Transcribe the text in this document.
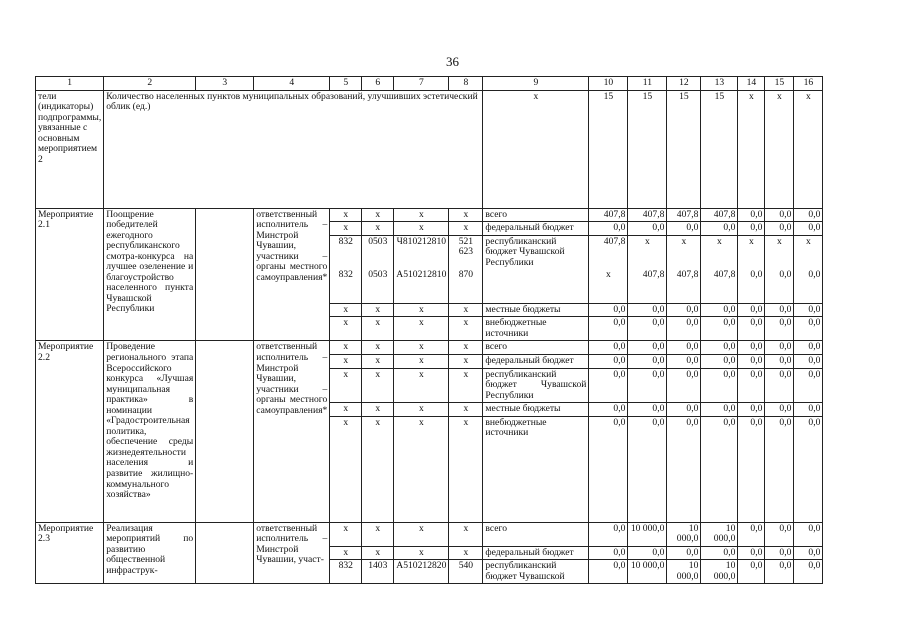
36
1	2	3	4	5	6	7	8	9	10	11	12	13	14	15	16
тели (индикаторы) подпрограммы, увязанные с основным мероприятием 2	Количество населенных пунктов муниципальных образований, улучшивших эстетический облик (ед.)							x	15	15	15	15	x	x	x
Мероприятие 2.1	Поощрение победителей ежегодного республиканского смотра-конкурса на лучшее озеленение и благоустройство населенного пункта Чувашской Республики		ответственный исполнитель – Минстрой Чувашии, участники – органы местного самоуправления*	x	x	x	x	всего	407,8	407,8	407,8	407,8	0,0	0,0	0,0
				x	x	x	x	федеральный бюджет	0,0	0,0	0,0	0,0	0,0	0,0	0,0
				832	0503	Ч810212810	521 623	республиканский бюджет Чувашской Республики	407,8	x	x	x	x	x	x
				832	0503	А510212810	870		x	407,8	407,8	407,8	0,0	0,0	0,0
				x	x	x	x	местные бюджеты	0,0	0,0	0,0	0,0	0,0	0,0	0,0
				x	x	x	x	внебюджетные источники	0,0	0,0	0,0	0,0	0,0	0,0	0,0
Мероприятие 2.2	Проведение регионального этапа Всероссийского конкурса «Лучшая муниципальная практика» в номинации «Градостроительная политика, обеспечение среды жизнедеятельности населения и развитие жилищно-коммунального хозяйства»		ответственный исполнитель – Минстрой Чувашии, участники – органы местного самоуправления*	x	x	x	x	всего	0,0	0,0	0,0	0,0	0,0	0,0	0,0
				x	x	x	x	федеральный бюджет	0,0	0,0	0,0	0,0	0,0	0,0	0,0
				x	x	x	x	республиканский бюджет Чувашской Республики	0,0	0,0	0,0	0,0	0,0	0,0	0,0
				x	x	x	x	местные бюджеты	0,0	0,0	0,0	0,0	0,0	0,0	0,0
				x	x	x	x	внебюджетные источники	0,0	0,0	0,0	0,0	0,0	0,0	0,0
Мероприятие 2.3	Реализация мероприятий по развитию общественной инфраструк-		ответственный исполнитель – Минстрой Чувашии, участ-	x	x	x	x	всего	0,0	10 000,0	10 000,0	10 000,0	0,0	0,0	0,0
				x	x	x	x	федеральный бюджет	0,0	0,0	0,0	0,0	0,0	0,0	0,0
				832	1403	А510212820	540	республиканский бюджет Чувашской	0,0	10 000,0	10 000,0	10 000,0	0,0	0,0	0,0
